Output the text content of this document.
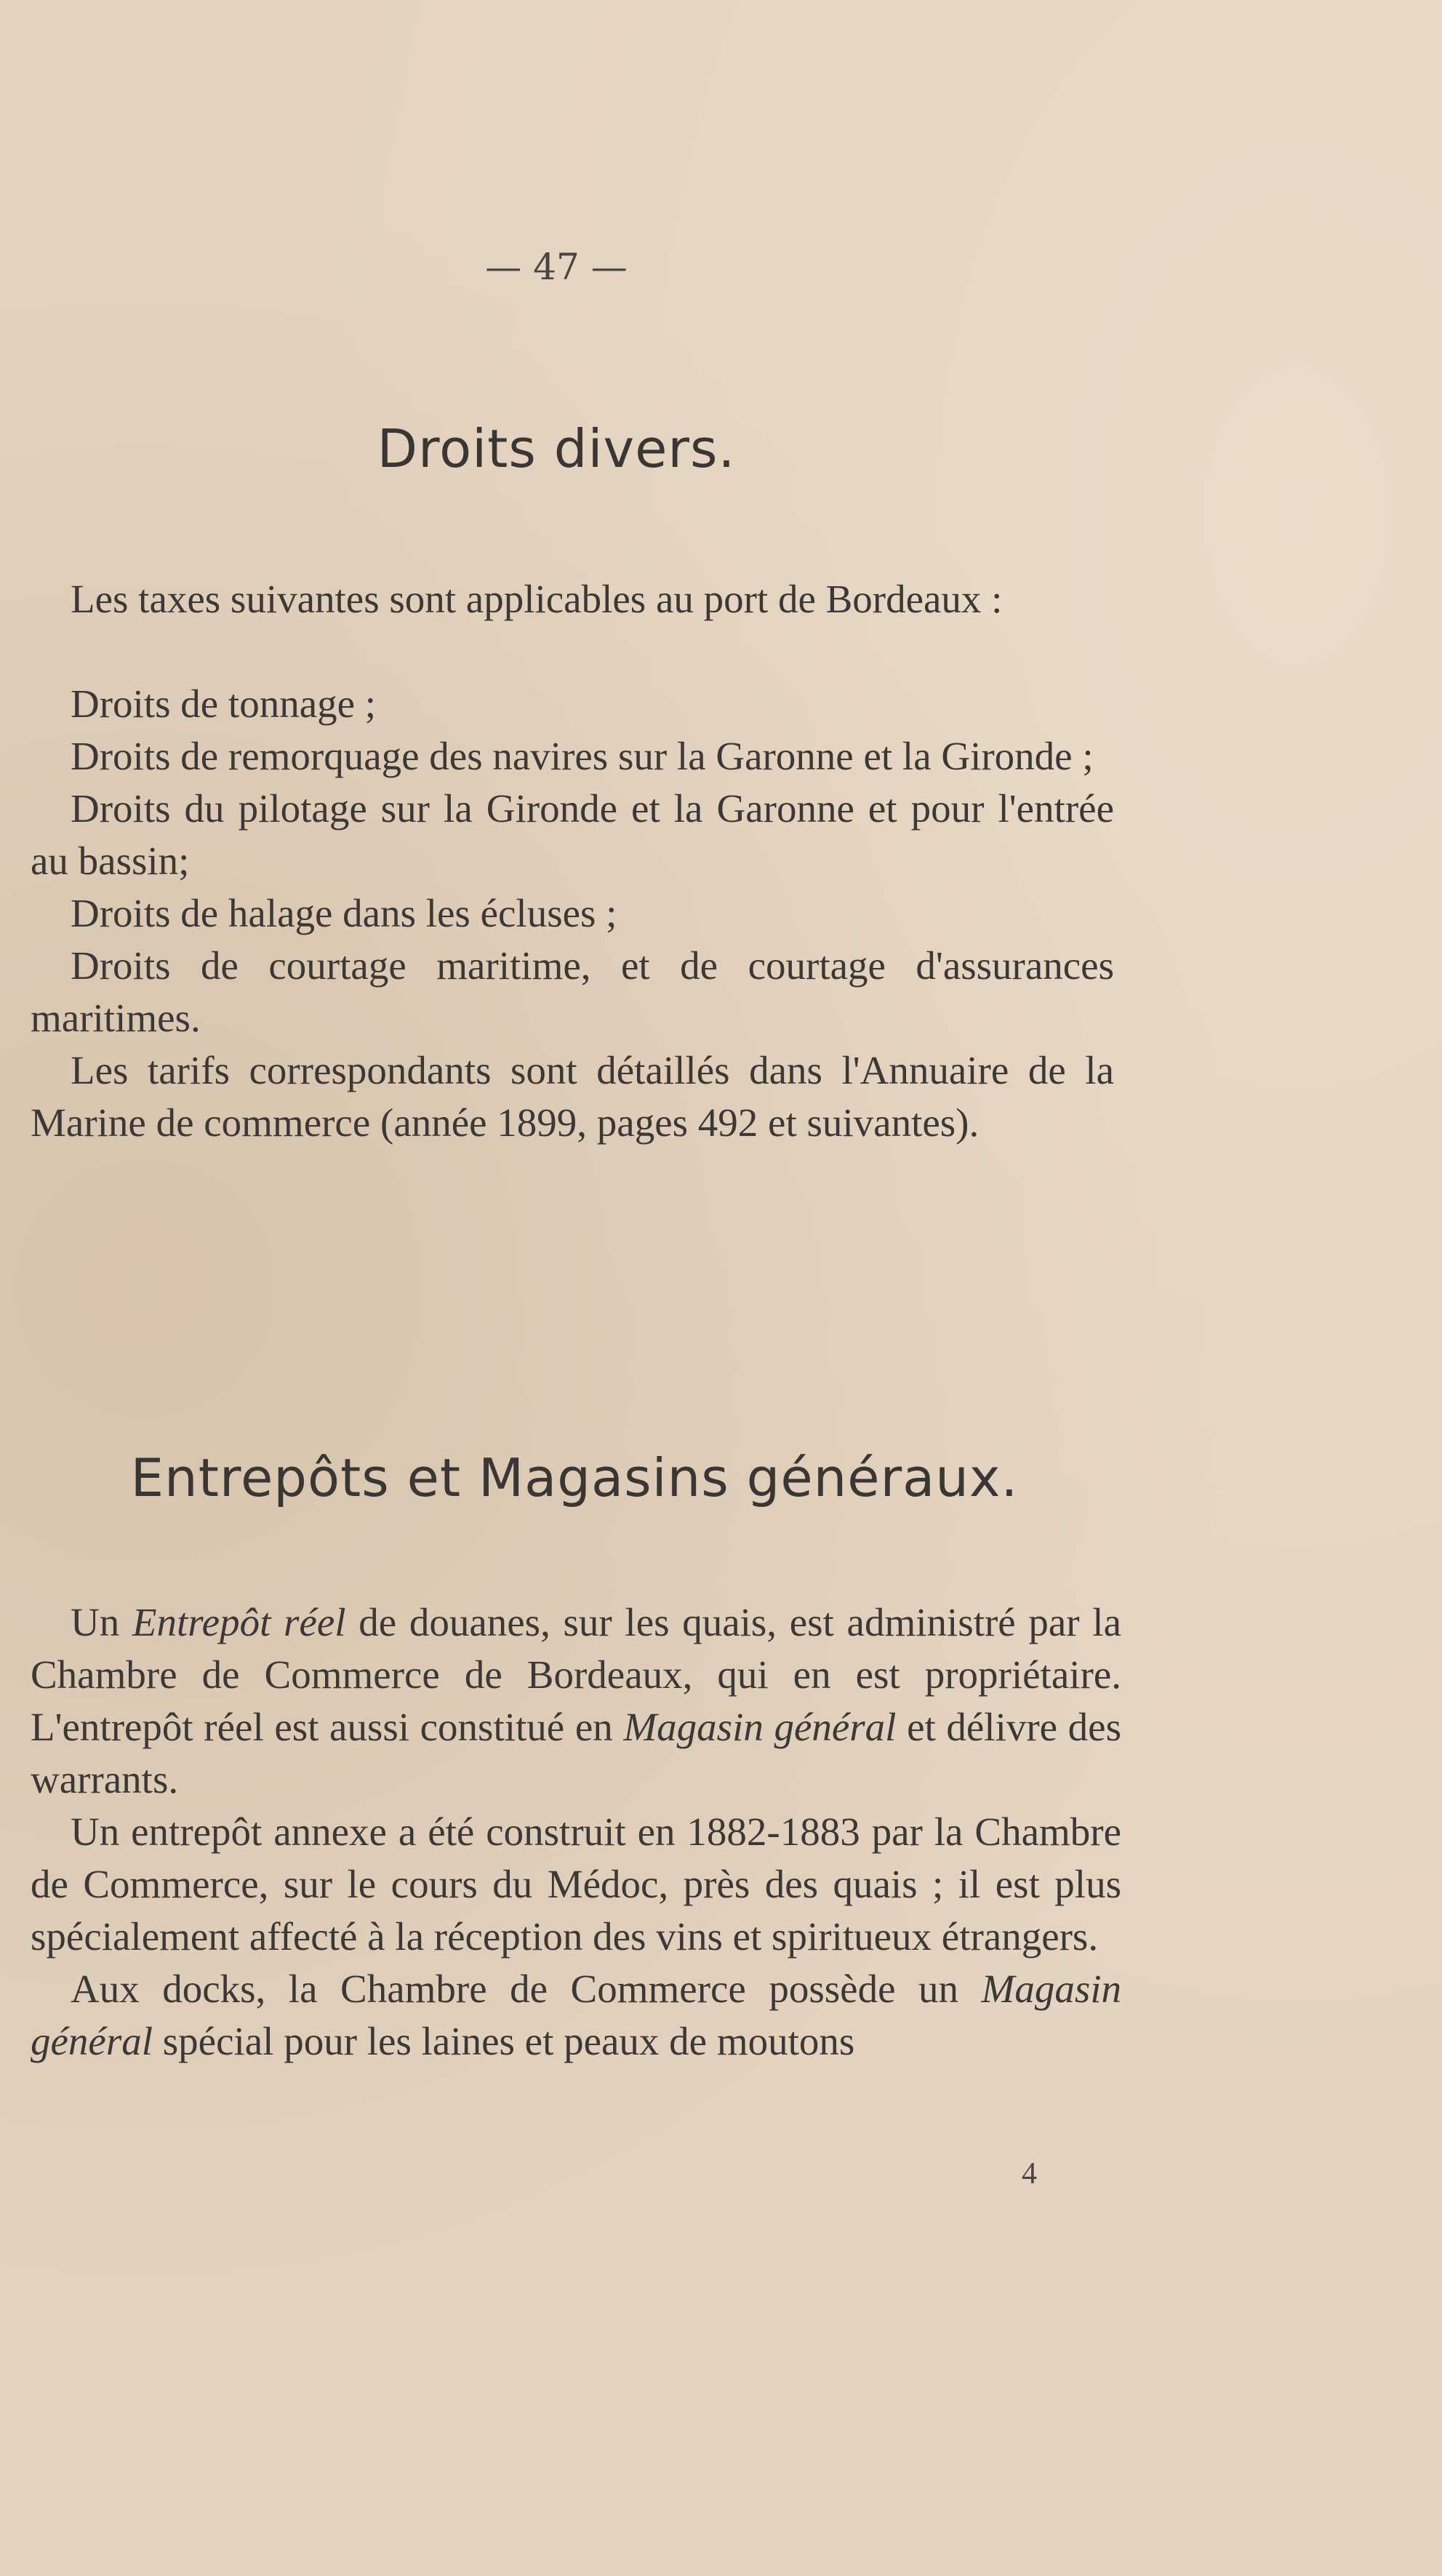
— 47 —
Droits divers.

Les taxes suivantes sont applicables au port de Bordeaux :

Droits de tonnage ;

Droits de remorquage des navires sur la Garonne et la Gironde ;

Droits du pilotage sur la Gironde et la Garonne et pour l'entrée au bassin;

Droits de halage dans les écluses ;

Droits de courtage maritime, et de courtage d'assurances maritimes.

Les tarifs correspondants sont détaillés dans l'Annuaire de la Marine de commerce (année 1899, pages 492 et suivantes).

Entrepôts et Magasins généraux.

Un Entrepôt réel de douanes, sur les quais, est administré par la Chambre de Commerce de Bordeaux, qui en est propriétaire. L'entrepôt réel est aussi constitué en Magasin général et délivre des warrants.

Un entrepôt annexe a été construit en 1882-1883 par la Chambre de Commerce, sur le cours du Médoc, près des quais ; il est plus spécialement affecté à la réception des vins et spiritueux étrangers.

Aux docks, la Chambre de Commerce possède un Magasin général spécial pour les laines et peaux de moutons

4
